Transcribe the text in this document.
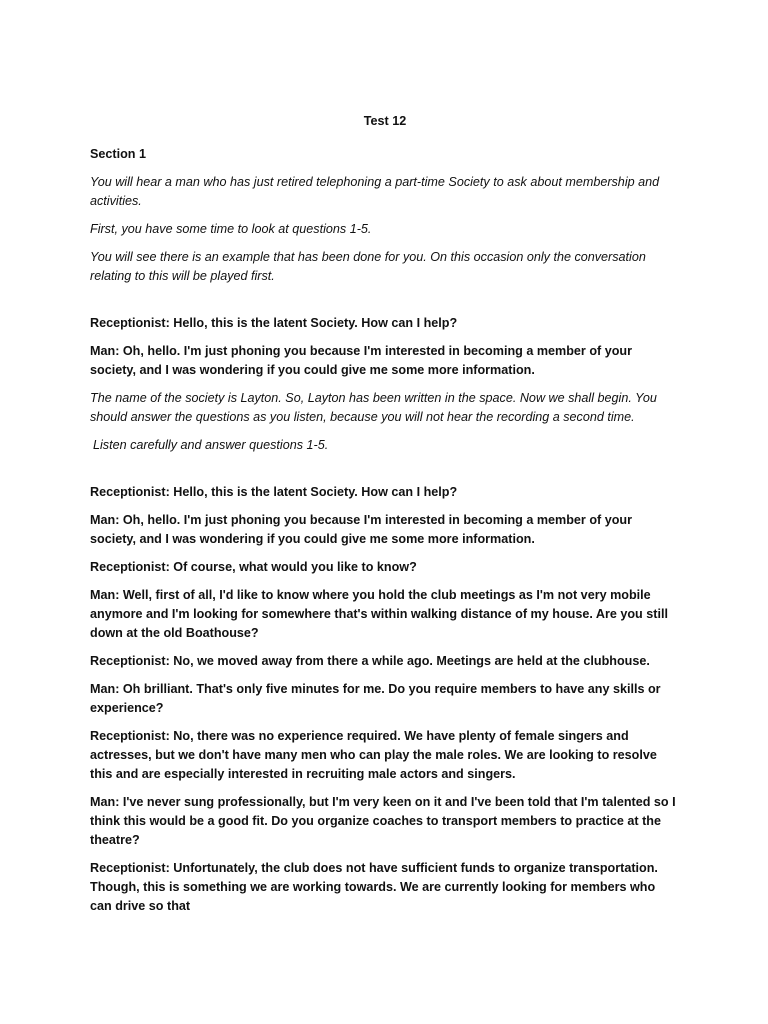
Test 12
Section 1

You will hear a man who has just retired telephoning a part-time Society to ask about membership and activities.

First, you have some time to look at questions 1-5.

You will see there is an example that has been done for you. On this occasion only the conversation relating to this will be played first.

Receptionist: Hello, this is the latent Society. How can I help?

Man: Oh, hello. I'm just phoning you because I'm interested in becoming a member of your society, and I was wondering if you could give me some more information.

The name of the society is Layton. So, Layton has been written in the space. Now we shall begin. You should answer the questions as you listen, because you will not hear the recording a second time.

Listen carefully and answer questions 1-5.

Receptionist: Hello, this is the latent Society. How can I help?

Man: Oh, hello. I'm just phoning you because I'm interested in becoming a member of your society, and I was wondering if you could give me some more information.

Receptionist: Of course, what would you like to know?

Man: Well, first of all, I'd like to know where you hold the club meetings as I'm not very mobile anymore and I'm looking for somewhere that's within walking distance of my house. Are you still down at the old Boathouse?

Receptionist: No, we moved away from there a while ago. Meetings are held at the clubhouse.

Man: Oh brilliant. That's only five minutes for me. Do you require members to have any skills or experience?

Receptionist: No, there was no experience required. We have plenty of female singers and actresses, but we don't have many men who can play the male roles. We are looking to resolve this and are especially interested in recruiting male actors and singers.

Man: I've never sung professionally, but I'm very keen on it and I've been told that I'm talented so I think this would be a good fit. Do you organize coaches to transport members to practice at the theatre?

Receptionist: Unfortunately, the club does not have sufficient funds to organize transportation. Though, this is something we are working towards. We are currently looking for members who can drive so that
